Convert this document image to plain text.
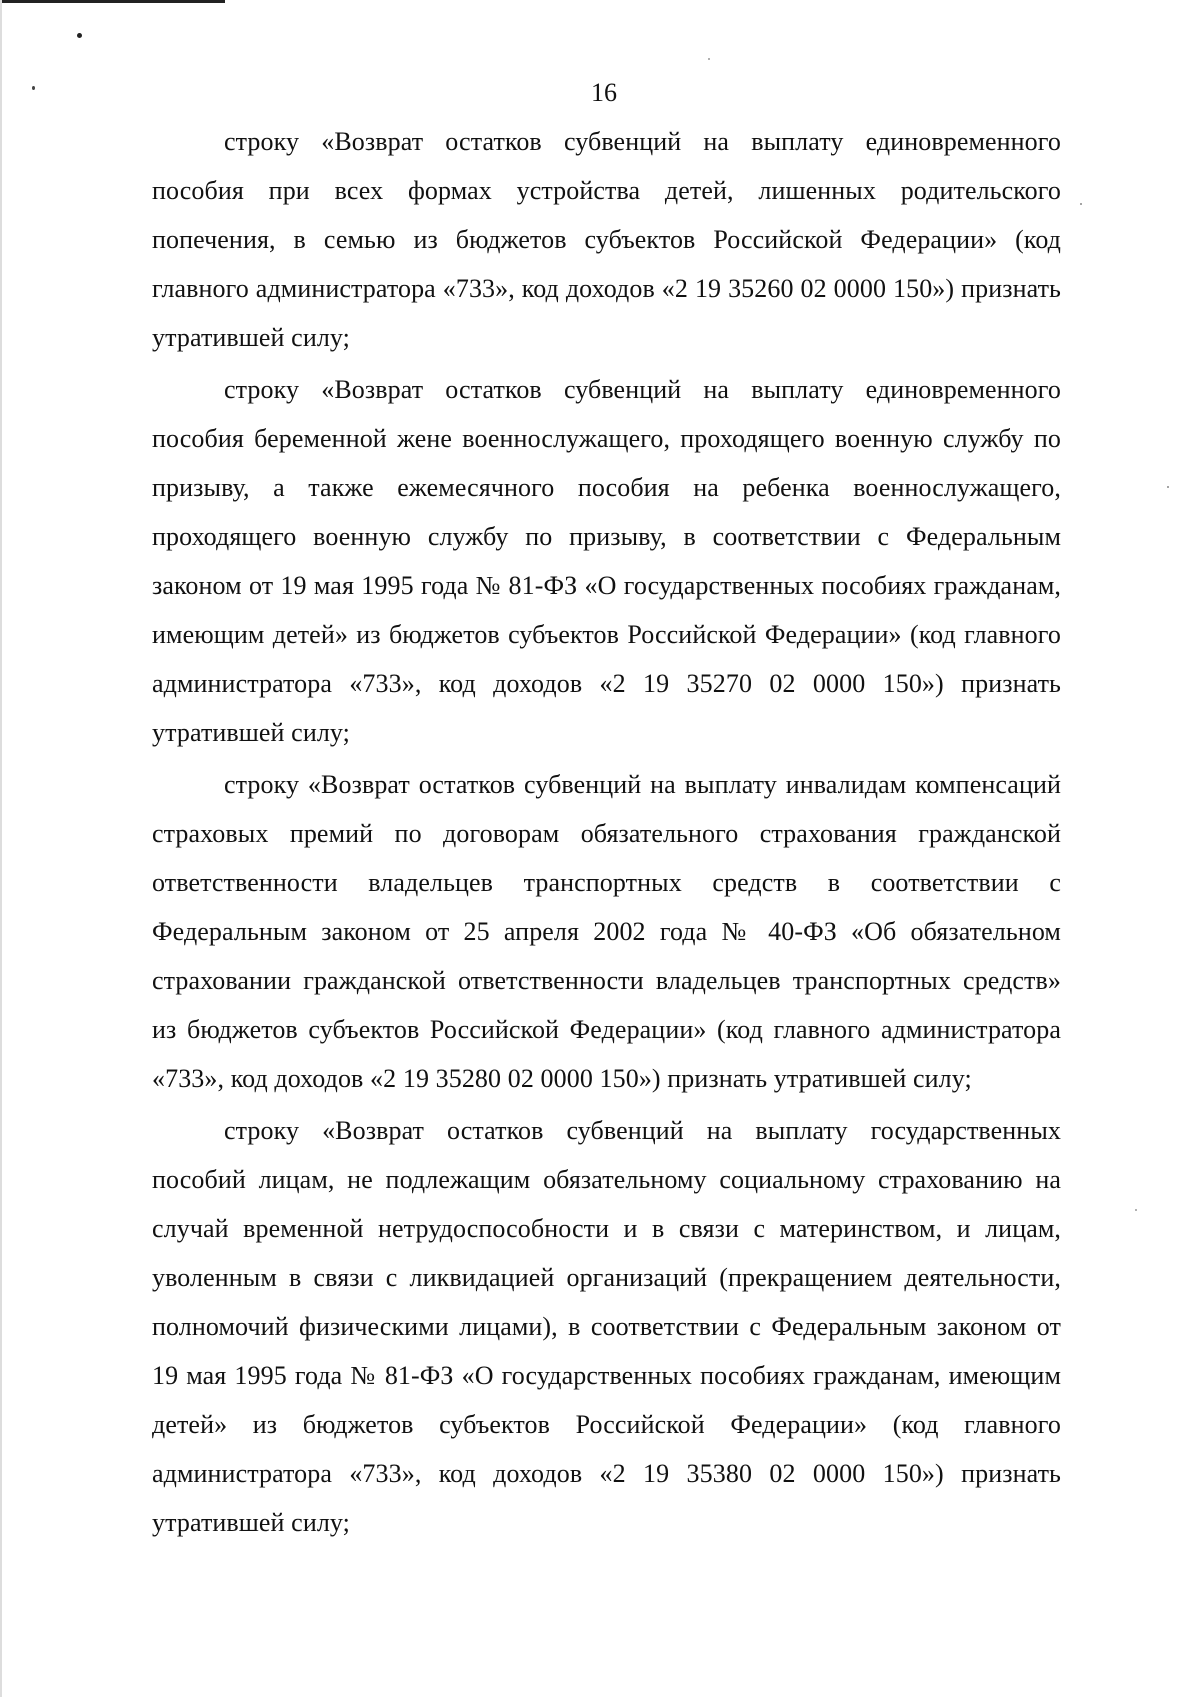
16

строку «Возврат остатков субвенций на выплату единовременного пособия при всех формах устройства детей, лишенных родительского попечения, в семью из бюджетов субъектов Российской Федерации» (код главного администратора «733», код доходов «2 19 35260 02 0000 150») признать утратившей силу;

строку «Возврат остатков субвенций на выплату единовременного пособия беременной жене военнослужащего, проходящего военную службу по призыву, а также ежемесячного пособия на ребенка военнослужащего, проходящего военную службу по призыву, в соответствии с Федеральным законом от 19 мая 1995 года № 81-ФЗ «О государственных пособиях гражданам, имеющим детей» из бюджетов субъектов Российской Федерации» (код главного администратора «733», код доходов «2 19 35270 02 0000 150») признать утратившей силу;

строку «Возврат остатков субвенций на выплату инвалидам компенсаций страховых премий по договорам обязательного страхования гражданской ответственности владельцев транспортных средств в соответствии с Федеральным законом от 25 апреля 2002 года № 40-ФЗ «Об обязательном страховании гражданской ответственности владельцев транспортных средств» из бюджетов субъектов Российской Федерации» (код главного администратора «733», код доходов «2 19 35280 02 0000 150») признать утратившей силу;

строку «Возврат остатков субвенций на выплату государственных пособий лицам, не подлежащим обязательному социальному страхованию на случай временной нетрудоспособности и в связи с материнством, и лицам, уволенным в связи с ликвидацией организаций (прекращением деятельности, полномочий физическими лицами), в соответствии с Федеральным законом от 19 мая 1995 года № 81-ФЗ «О государственных пособиях гражданам, имеющим детей» из бюджетов субъектов Российской Федерации» (код главного администратора «733», код доходов «2 19 35380 02 0000 150») признать утратившей силу;
